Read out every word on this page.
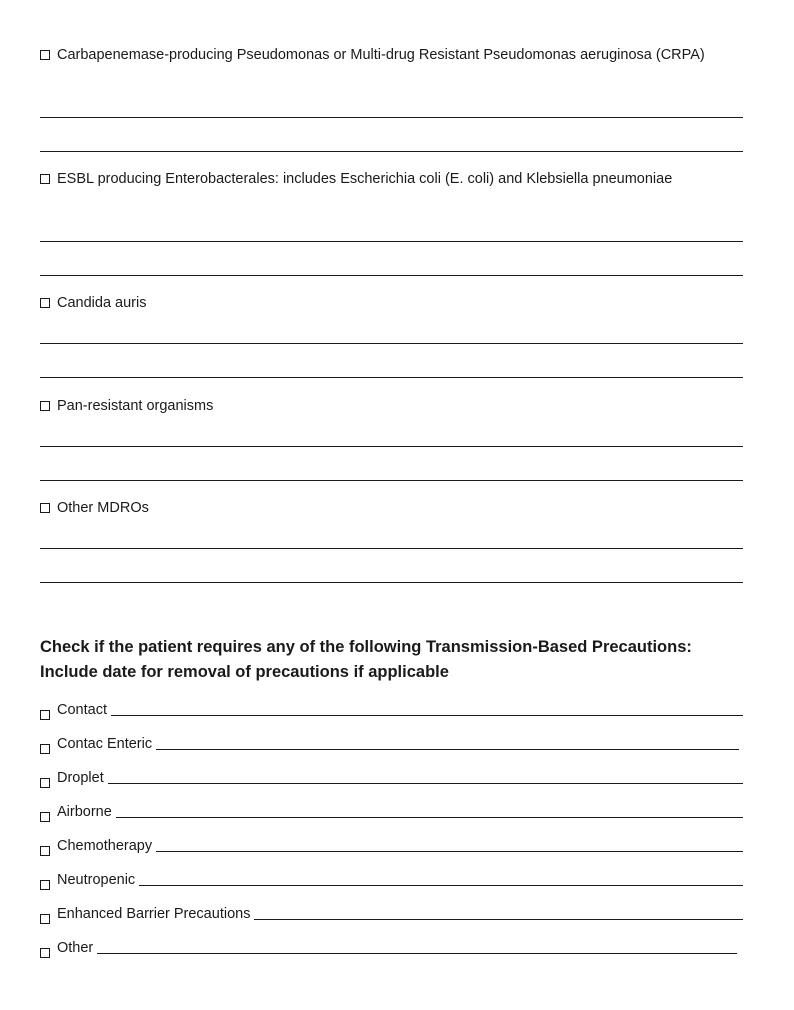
Carbapenemase-producing Pseudomonas or Multi-drug Resistant Pseudomonas aeruginosa (CRPA)

ESBL producing Enterobacterales: includes Escherichia coli (E. coli) and Klebsiella pneumoniae

Candida auris

Pan-resistant organisms

Other MDROs

Check if the patient requires any of the following Transmission-Based Precautions: Include date for removal of precautions if applicable

Contact
Contac Enteric
Droplet
Airborne
Chemotherapy
Neutropenic
Enhanced Barrier Precautions
Other
